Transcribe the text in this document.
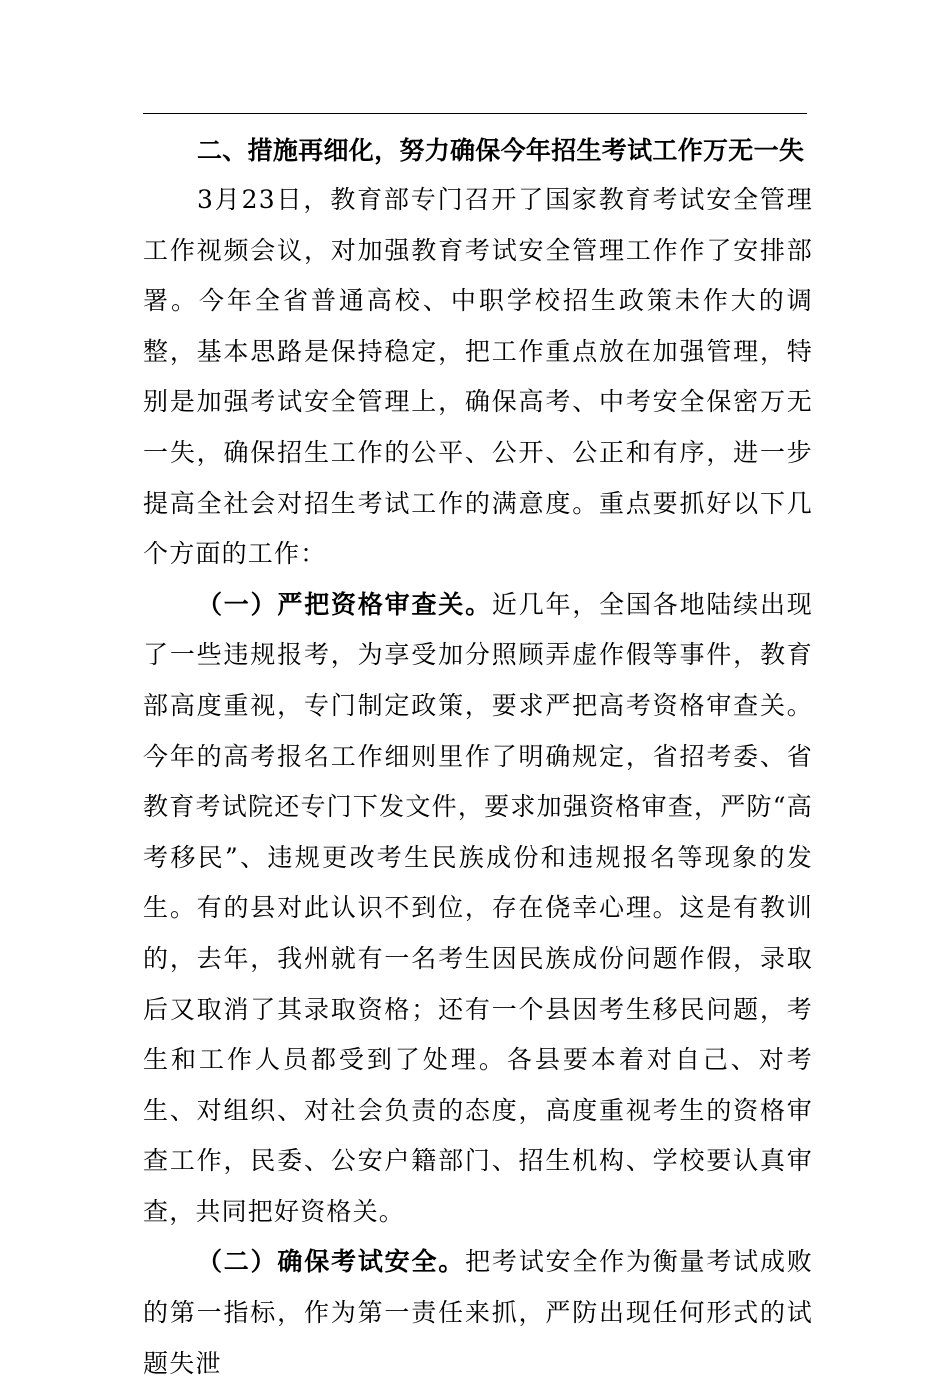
二、措施再细化，努力确保今年招生考试工作万无一失

3月23日，教育部专门召开了国家教育考试安全管理工作视频会议，对加强教育考试安全管理工作作了安排部署。今年全省普通高校、中职学校招生政策未作大的调整，基本思路是保持稳定，把工作重点放在加强管理，特别是加强考试安全管理上，确保高考、中考安全保密万无一失，确保招生工作的公平、公开、公正和有序，进一步提高全社会对招生考试工作的满意度。重点要抓好以下几个方面的工作：

（一）严把资格审查关。近几年，全国各地陆续出现了一些违规报考，为享受加分照顾弄虚作假等事件，教育部高度重视，专门制定政策，要求严把高考资格审查关。今年的高考报名工作细则里作了明确规定，省招考委、省教育考试院还专门下发文件，要求加强资格审查，严防“高考移民”、违规更改考生民族成份和违规报名等现象的发生。有的县对此认识不到位，存在侥幸心理。这是有教训的，去年，我州就有一名考生因民族成份问题作假，录取后又取消了其录取资格；还有一个县因考生移民问题，考生和工作人员都受到了处理。各县要本着对自己、对考生、对组织、对社会负责的态度，高度重视考生的资格审查工作，民委、公安户籍部门、招生机构、学校要认真审查，共同把好资格关。

（二）确保考试安全。把考试安全作为衡量考试成败的第一指标，作为第一责任来抓，严防出现任何形式的试题失泄
